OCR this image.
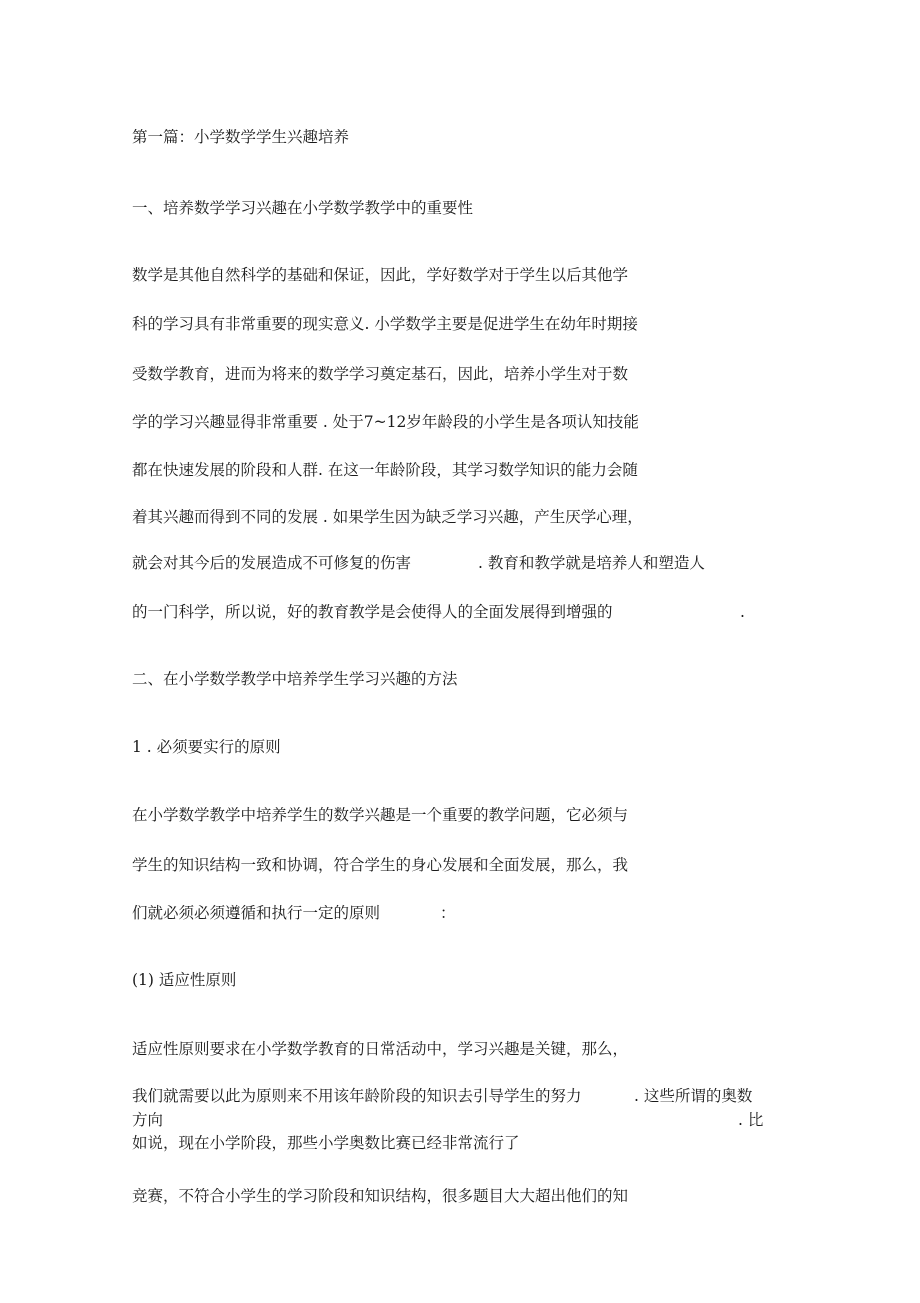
第一篇：小学数学学生兴趣培养

一、培养数学学习兴趣在小学数学教学中的重要性

数学是其他自然科学的基础和保证，因此，学好数学对于学生以后其他学

科的学习具有非常重要的现实意义. 小学数学主要是促进学生在幼年时期接

受数学教育，进而为将来的数学学习奠定基石，因此，培养小学生对于数

学的学习兴趣显得非常重要 . 处于7~12岁年龄段的小学生是各项认知技能

都在快速发展的阶段和人群. 在这一年龄阶段，其学习数学知识的能力会随

着其兴趣而得到不同的发展 . 如果学生因为缺乏学习兴趣，产生厌学心理，

就会对其今后的发展造成不可修复的伤害	. 教育和教学就是培养人和塑造人

的一门科学，所以说，好的教育教学是会使得人的全面发展得到增强的	.

二、在小学数学教学中培养学生学习兴趣的方法

1 . 必须要实行的原则

在小学数学教学中培养学生的数学兴趣是一个重要的教学问题，它必须与

学生的知识结构一致和协调，符合学生的身心发展和全面发展，那么，我

们就必须必须遵循和执行一定的原则	：

(1) 适应性原则

适应性原则要求在小学数学教育的日常活动中，学习兴趣是关键，那么，

我们就需要以此为原则来不用该年龄阶段的知识去引导学生的努力	. 这些所谓的奥数

方向	. 比

如说，现在小学阶段，那些小学奥数比赛已经非常流行了

竞赛，不符合小学生的学习阶段和知识结构，很多题目大大超出他们的知
